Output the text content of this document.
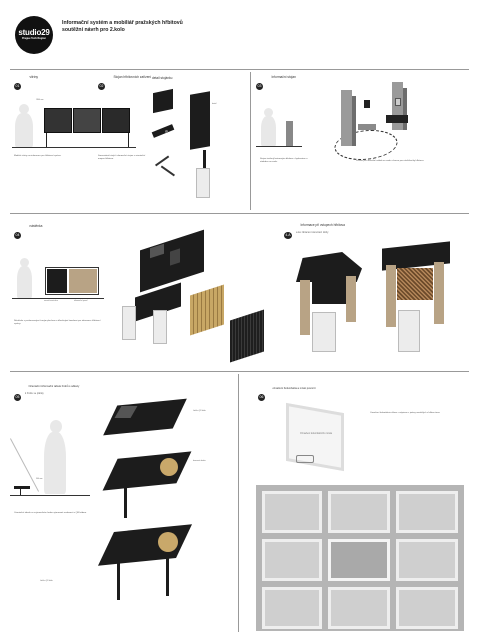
studio29
Prague Tech Region
Informační systém a mobiliář pražských hřbitovů
soutěžní návrh pro 2.kolo
01 $^{vitríny}$
1800 mm
Mobilní vitríny na informace pro hřbitovní správu.
02 $^{Stojan hřbitovních zařízení}$ detail stojánku
Samostatně stojící informační stojan s orientační mapou hřbitova.
detail
03 $^{Informační stojan}$
Stojan tvořený betonovým blokem s hydrantem a nádobou na vodu.
Prostor pro umístění nádob na vodu a konve pro návštěvníky hřbitova.
04 $^{nástěnka}$
nosná konstrukce	informační panel
Nástěnka s perforovaným černým plechem a dřevěnými lamelami pro informace hřbitovní správy.
4.A $^{Informace při vstupech hřbitova}$
a ke zkrácení otevírací doby
05 $^{Orientační informační tabule hrobů s odkazy}$
k hrobu se plánky
900 mm
Orientační tabule se zvýrazněním hrobu významné osobnosti s QR kódem.
čtečka QR kódů
čtečka QR kódů
bronzová deska
06 $^{označení Kolumbária a místo posmrtí}$
Označení kolumbárního místa
Označení kolumbária sklem s nápisem s jmény zemřelých v bílém rámu.
